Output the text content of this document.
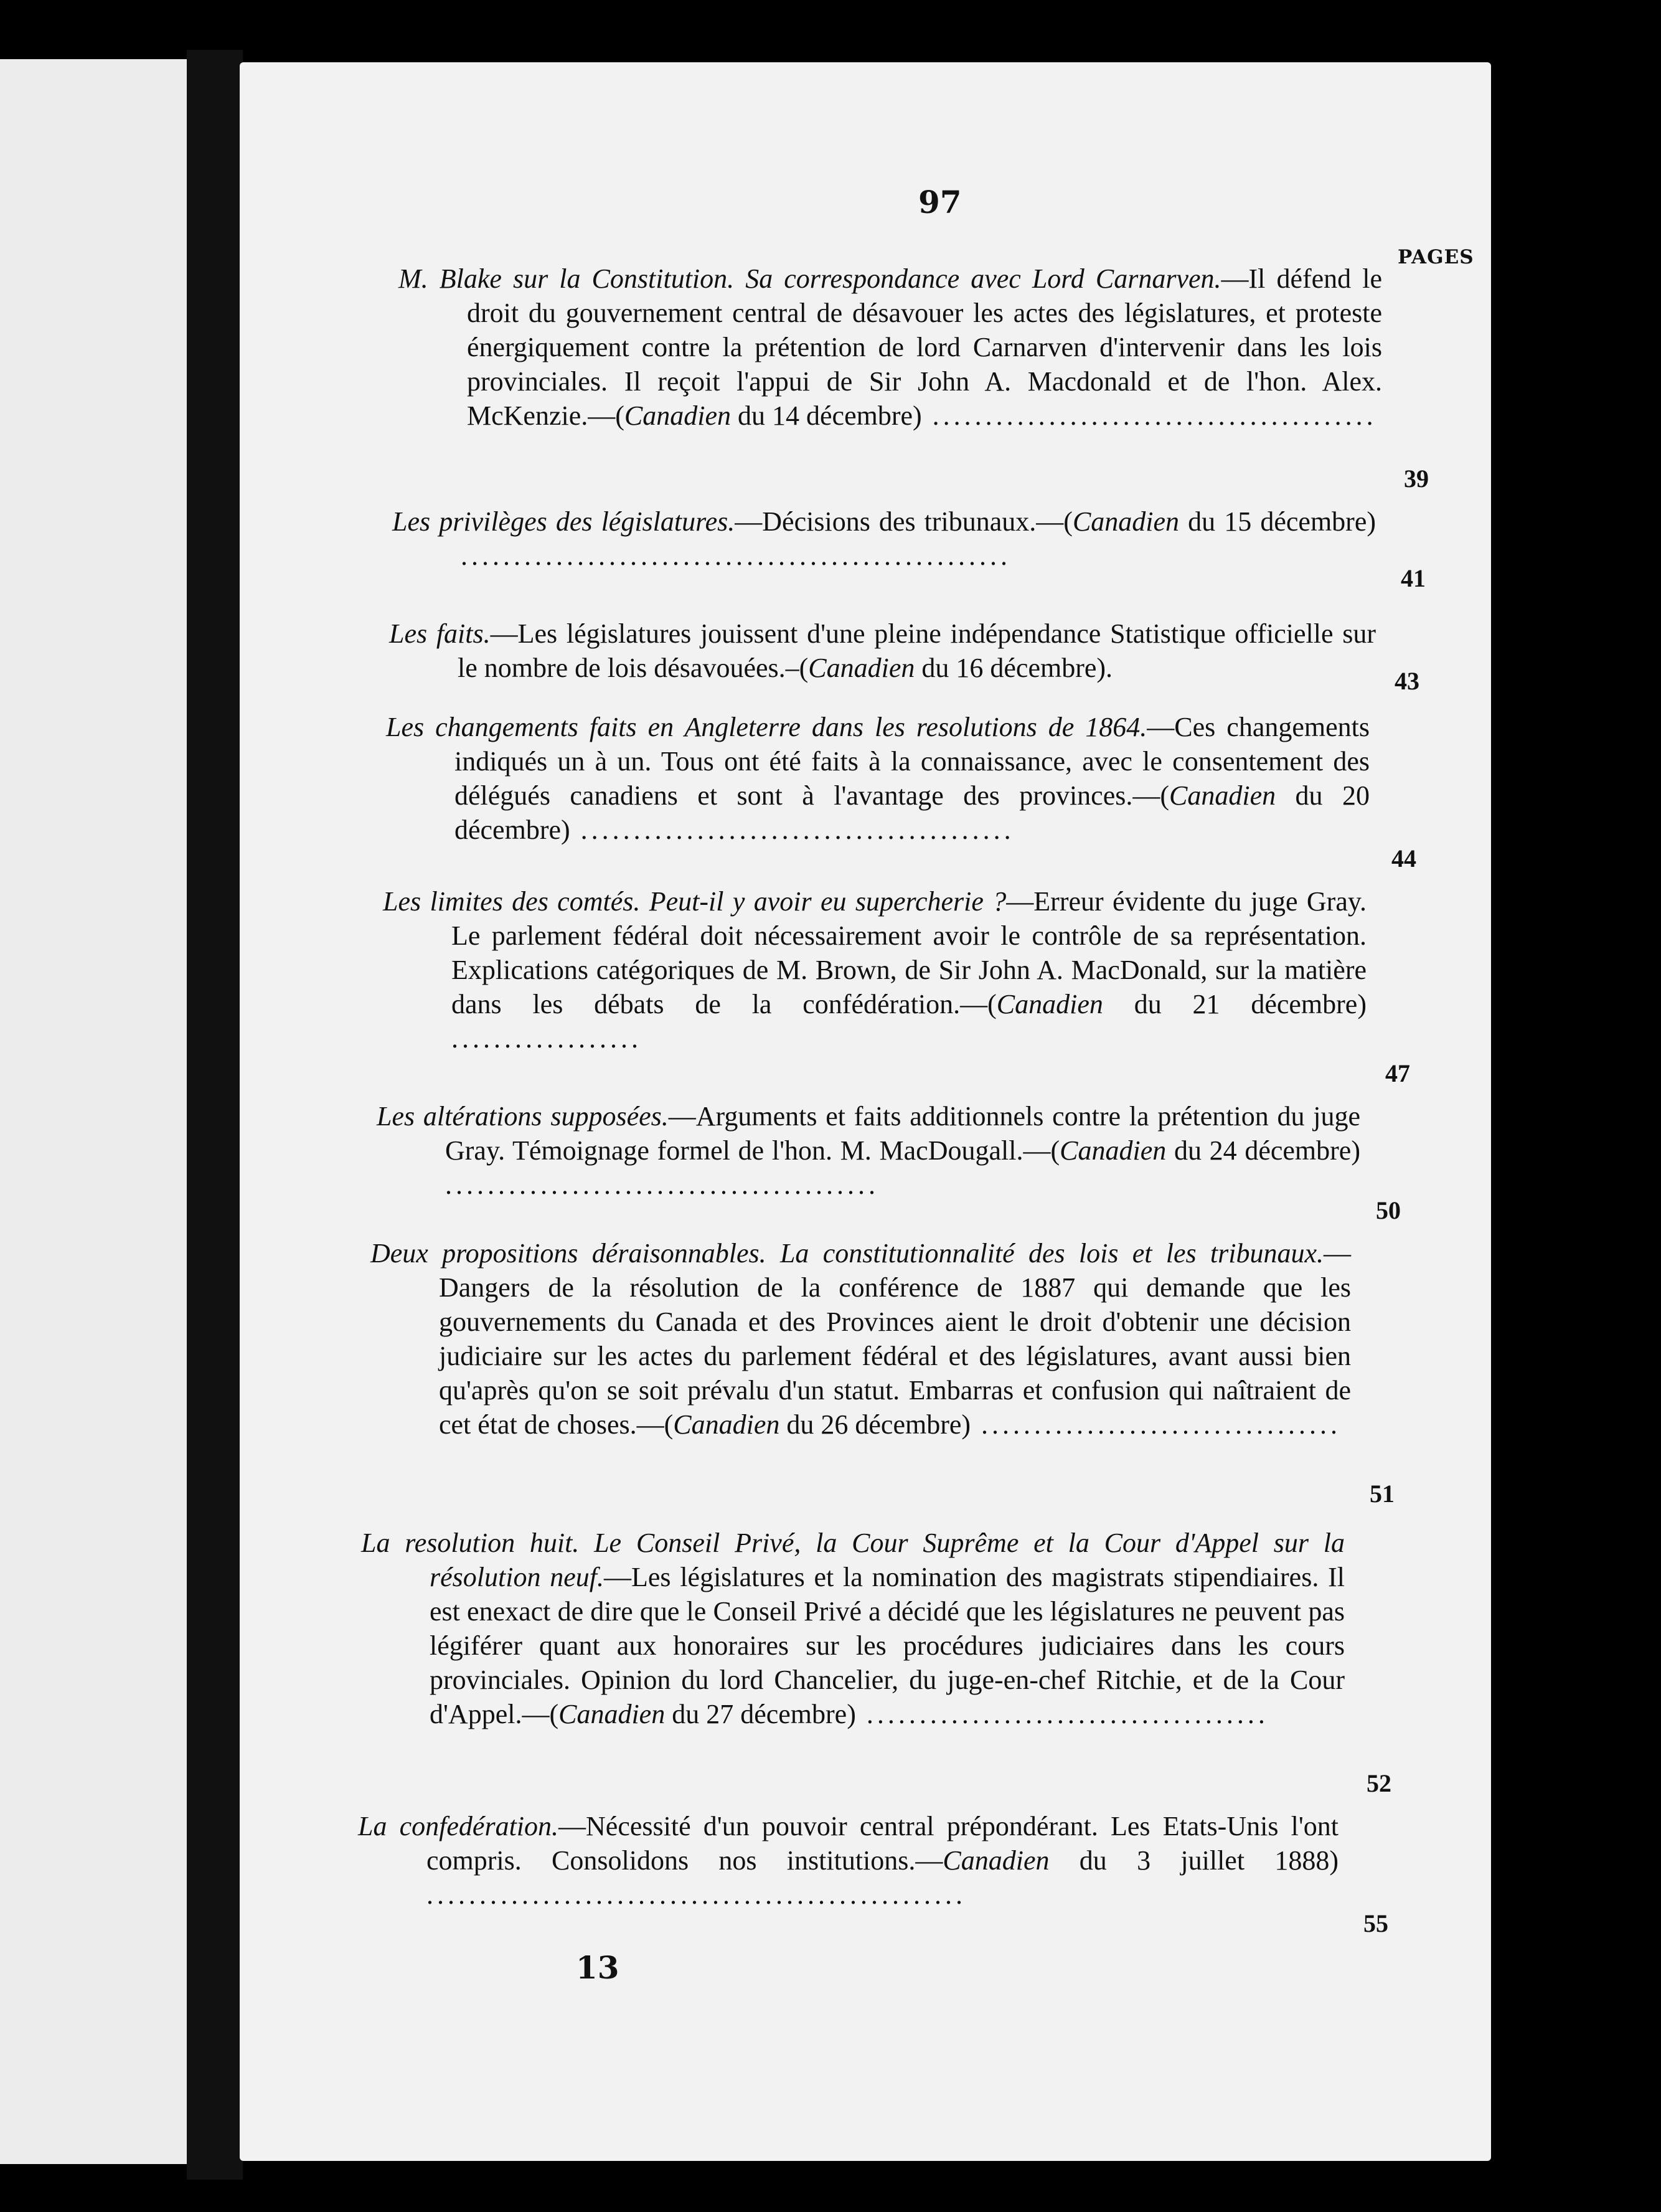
97
PAGES
M. Blake sur la Constitution. Sa correspondance avec Lord Carnarven.—Il défend le droit du gouvernement central de désavouer les actes des législatures, et proteste énergiquement contre la prétention de lord Carnarven d'intervenir dans les lois provinciales. Il reçoit l'appui de Sir John A. Macdonald et de l'hon. Alex. McKenzie.—(Canadien du 14 décembre) ..........................................
39
Les privilèges des législatures.—Décisions des tribunaux.—(Canadien du 15 décembre) ....................................................
41
Les faits.—Les législatures jouissent d'une pleine indépendance Statistique officielle sur le nombre de lois désavouées.–(Canadien du 16 décembre).	43
Les changements faits en Angleterre dans les resolutions de 1864.—Ces changements indiqués un à un. Tous ont été faits à la connaissance, avec le consentement des délégués canadiens et sont à l'avantage des provinces.—(Canadien du 20 décembre) .........................................
44
Les limites des comtés. Peut-il y avoir eu supercherie ?—Erreur évidente du juge Gray. Le parlement fédéral doit nécessairement avoir le contrôle de sa représentation. Explications catégoriques de M. Brown, de Sir John A. MacDonald, sur la matière dans les débats de la confédération.—(Canadien du 21 décembre) ..................
47
Les altérations supposées.—Arguments et faits additionnels contre la prétention du juge Gray. Témoignage formel de l'hon. M. MacDougall.—(Canadien du 24 décembre) .........................................
50
Deux propositions déraisonnables. La constitutionnalité des lois et les tribunaux.—Dangers de la résolution de la conférence de 1887 qui demande que les gouvernements du Canada et des Provinces aient le droit d'obtenir une décision judiciaire sur les actes du parlement fédéral et des législatures, avant aussi bien qu'après qu'on se soit prévalu d'un statut. Embarras et confusion qui naîtraient de cet état de choses.—(Canadien du 26 décembre) ..................................
51
La resolution huit. Le Conseil Privé, la Cour Suprême et la Cour d'Appel sur la résolution neuf.—Les législatures et la nomination des magistrats stipendiaires. Il est enexact de dire que le Conseil Privé a décidé que les législatures ne peuvent pas légiférer quant aux honoraires sur les procédures judiciaires dans les cours provinciales. Opinion du lord Chancelier, du juge-en-chef Ritchie, et de la Cour d'Appel.—(Canadien du 27 décembre) ......................................
52
La confedération.—Nécessité d'un pouvoir central prépondérant. Les Etats-Unis l'ont compris. Consolidons nos institutions.—Canadien du 3 juillet 1888) ...................................................
55
13
